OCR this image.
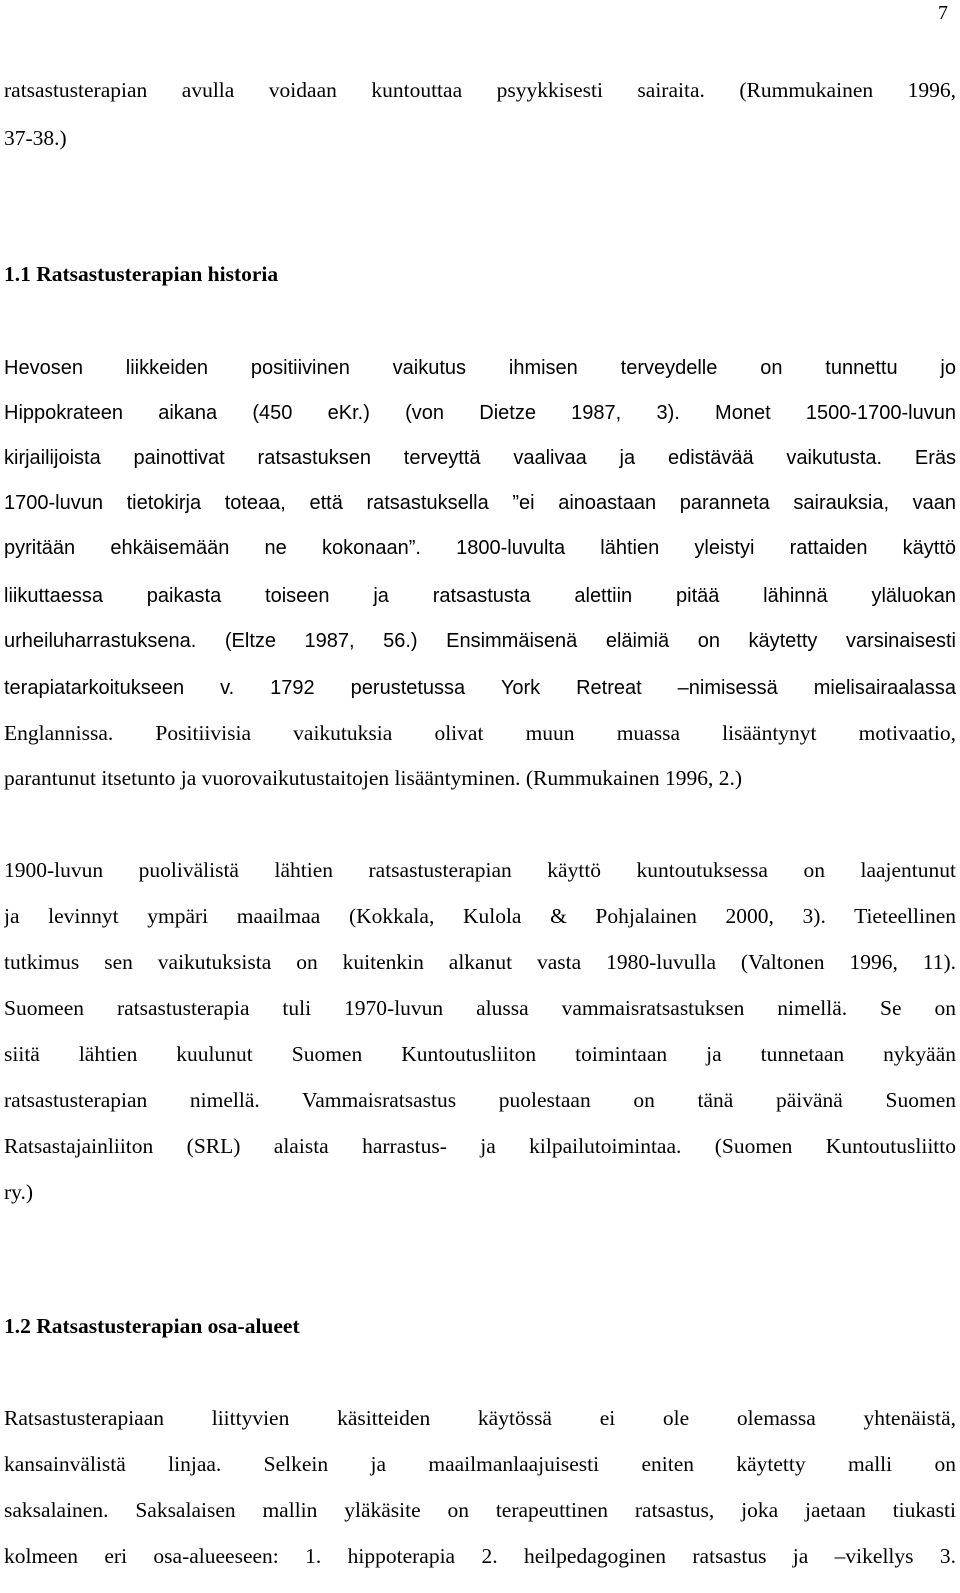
7
ratsastusterapian avulla voidaan kuntouttaa psyykkisesti sairaita. (Rummukainen 1996,
37-38.)
1.1 Ratsastusterapian historia
Hevosen liikkeiden positiivinen vaikutus ihmisen terveydelle on tunnettu jo
Hippokrateen aikana (450 eKr.) (von Dietze 1987, 3). Monet 1500-1700-luvun
kirjailijoista painottivat ratsastuksen terveyttä vaalivaa ja edistävää vaikutusta. Eräs
1700-luvun tietokirja toteaa, että ratsastuksella ”ei ainoastaan paranneta sairauksia, vaan
pyritään ehkäisemään ne kokonaan”. 1800-luvulta lähtien yleistyi rattaiden käyttö
liikuttaessa paikasta toiseen ja ratsastusta alettiin pitää lähinnä yläluokan
urheiluharrastuksena. (Eltze 1987, 56.) Ensimmäisenä eläimiä on käytetty varsinaisesti
terapiatarkoitukseen v. 1792 perustetussa York Retreat –nimisessä mielisairaalassa
Englannissa. Positiivisia vaikutuksia olivat muun muassa lisääntynyt motivaatio,
parantunut itsetunto ja vuorovaikutustaitojen lisääntyminen. (Rummukainen 1996, 2.)
1900-luvun puolivälistä lähtien ratsastusterapian käyttö kuntoutuksessa on laajentunut
ja levinnyt ympäri maailmaa (Kokkala, Kulola & Pohjalainen 2000, 3). Tieteellinen
tutkimus sen vaikutuksista on kuitenkin alkanut vasta 1980-luvulla (Valtonen 1996, 11).
Suomeen ratsastusterapia tuli 1970-luvun alussa vammaisratsastuksen nimellä. Se on
siitä lähtien kuulunut Suomen Kuntoutusliiton toimintaan ja tunnetaan nykyään
ratsastusterapian nimellä. Vammaisratsastus puolestaan on tänä päivänä Suomen
Ratsastajainliiton (SRL) alaista harrastus- ja kilpailutoimintaa. (Suomen Kuntoutusliitto
ry.)
1.2 Ratsastusterapian osa-alueet
Ratsastusterapiaan liittyvien käsitteiden käytössä ei ole olemassa yhtenäistä,
kansainvälistä linjaa. Selkein ja maailmanlaajuisesti eniten käytetty malli on
saksalainen. Saksalaisen mallin yläkäsite on terapeuttinen ratsastus, joka jaetaan tiukasti
kolmeen eri osa-alueeseen: 1. hippoterapia 2. heilpedagoginen ratsastus ja –vikellys 3.
